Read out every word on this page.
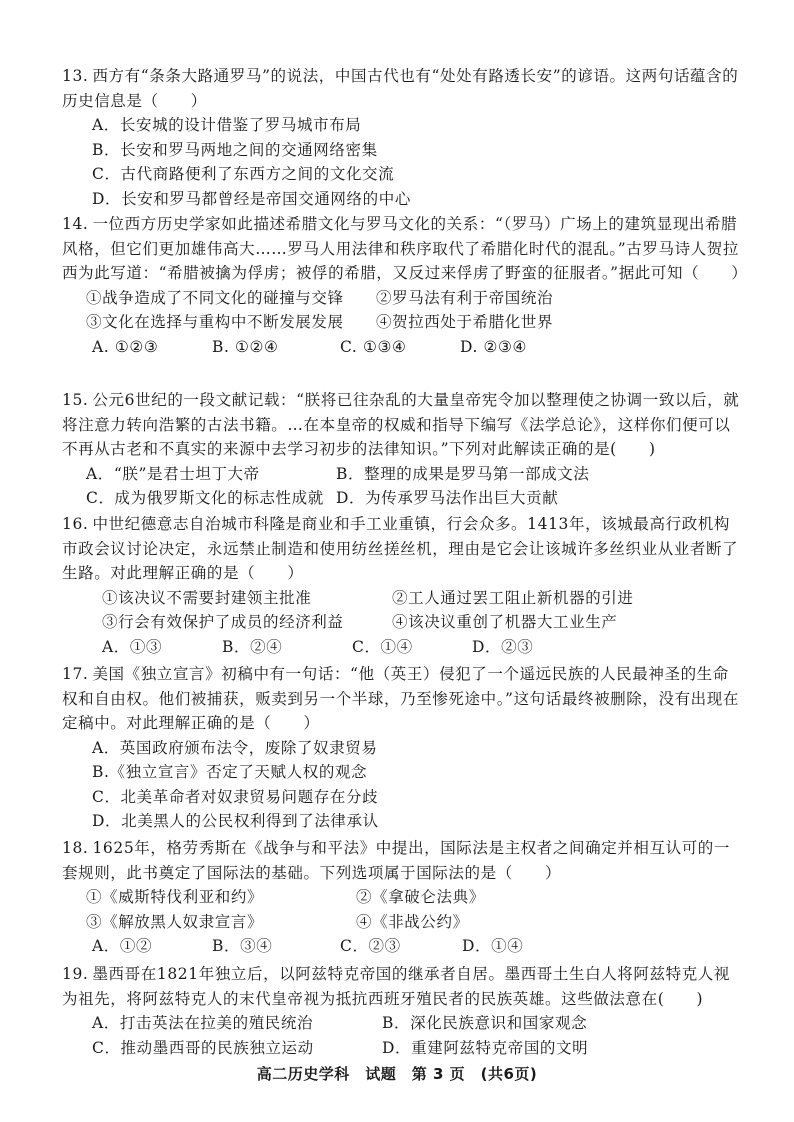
13. 西方有“条条大路通罗马”的说法，中国古代也有“处处有路透长安”的谚语。这两句话蕴含的历史信息是（　　）

A．长安城的设计借鉴了罗马城市布局
B．长安和罗马两地之间的交通网络密集
C．古代商路便利了东西方之间的文化交流
D．长安和罗马都曾经是帝国交通网络的中心

14. 一位西方历史学家如此描述希腊文化与罗马文化的关系：“（罗马）广场上的建筑显现出希腊风格，但它们更加雄伟高大……罗马人用法律和秩序取代了希腊化时代的混乱。”古罗马诗人贺拉西为此写道：“希腊被擒为俘虏；被俘的希腊，又反过来俘虏了野蛮的征服者。”据此可知（　　）

①战争造成了不同文化的碰撞与交锋	②罗马法有利于帝国统治
③文化在选择与重构中不断发展发展	④贺拉西处于希腊化世界
A. ①②③	B. ①②④	C. ①③④	D. ②③④

15. 公元6世纪的一段文献记载：“朕将已往杂乱的大量皇帝宪令加以整理使之协调一致以后，就将注意力转向浩繁的古法书籍。…在本皇帝的权威和指导下编写《法学总论》，这样你们便可以不再从古老和不真实的来源中去学习初步的法律知识。”下列对此解读正确的是(　　)

A．“朕”是君士坦丁大帝	B．整理的成果是罗马第一部成文法
C．成为俄罗斯文化的标志性成就 D．为传承罗马法作出巨大贡献

16. 中世纪德意志自治城市科隆是商业和手工业重镇，行会众多。1413年，该城最高行政机构市政会议讨论决定，永远禁止制造和使用纺丝搓丝机，理由是它会让该城许多丝织业从业者断了生路。对此理解正确的是（　　）

①该决议不需要封建领主批准	②工人通过罢工阻止新机器的引进
③行会有效保护了成员的经济利益	④该决议重创了机器大工业生产
A．①③	B．②④	C．①④	D．②③

17. 美国《独立宣言》初稿中有一句话：“他（英王）侵犯了一个遥远民族的人民最神圣的生命权和自由权。他们被捕获，贩卖到另一个半球，乃至惨死途中。”这句话最终被删除，没有出现在定稿中。对此理解正确的是（　　）

A．英国政府颁布法令，废除了奴隶贸易
B.《独立宣言》否定了天赋人权的观念
C．北美革命者对奴隶贸易问题存在分歧
D．北美黑人的公民权利得到了法律承认

18. 1625年，格劳秀斯在《战争与和平法》中提出，国际法是主权者之间确定并相互认可的一套规则，此书奠定了国际法的基础。下列选项属于国际法的是（　　）

①《威斯特伐利亚和约》	②《拿破仑法典》
③《解放黑人奴隶宣言》	④《非战公约》
A．①②	B．③④	C．②③	D．①④

19. 墨西哥在1821年独立后，以阿兹特克帝国的继承者自居。墨西哥土生白人将阿兹特克人视为祖先，将阿兹特克人的末代皇帝视为抵抗西班牙殖民者的民族英雄。这些做法意在(　　)

A．打击英法在拉美的殖民统治	B．深化民族意识和国家观念
C．推动墨西哥的民族独立运动	D．重建阿兹特克帝国的文明
高二历史学科　试题　第 3 页　(共6页)
